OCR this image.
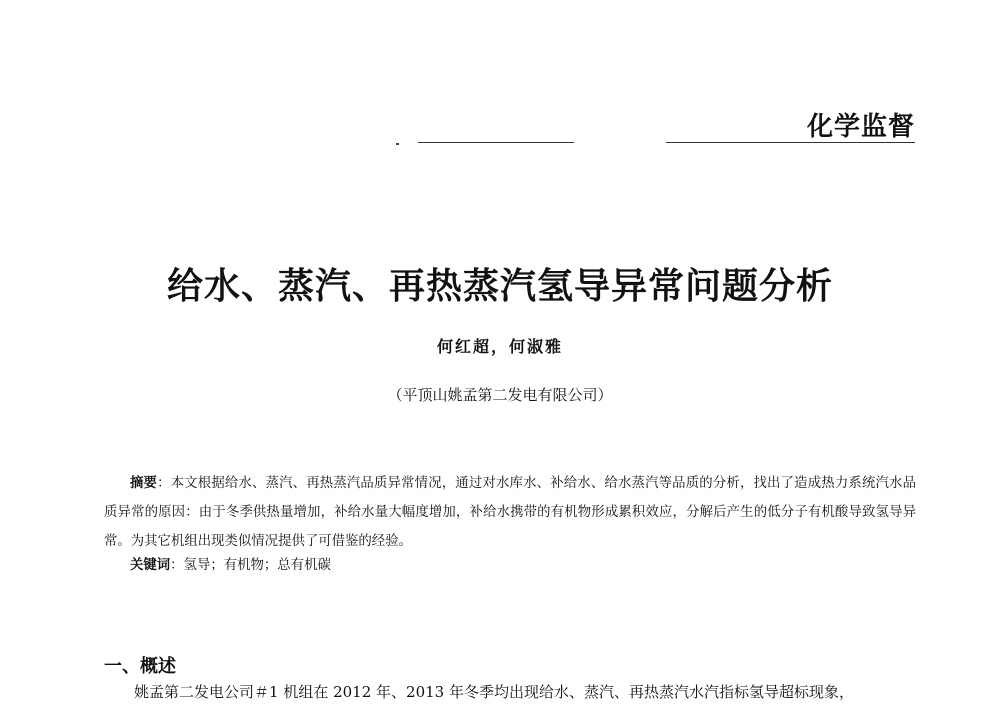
化学监督
给水、蒸汽、再热蒸汽氢导异常问题分析
何红超，何淑雅
（平顶山姚孟第二发电有限公司）
摘要：本文根据给水、蒸汽、再热蒸汽品质异常情况，通过对水库水、补给水、给水蒸汽等品质的分析，找出了造成热力系统汽水品质异常的原因：由于冬季供热量增加，补给水量大幅度增加，补给水携带的有机物形成累积效应，分解后产生的低分子有机酸导致氢导异常。为其它机组出现类似情况提供了可借鉴的经验。
关键词：氢导；有机物；总有机碳
一、概述
姚孟第二发电公司＃1 机组在 2012 年、2013 年冬季均出现给水、蒸汽、再热蒸汽水汽指标氢导超标现象，
